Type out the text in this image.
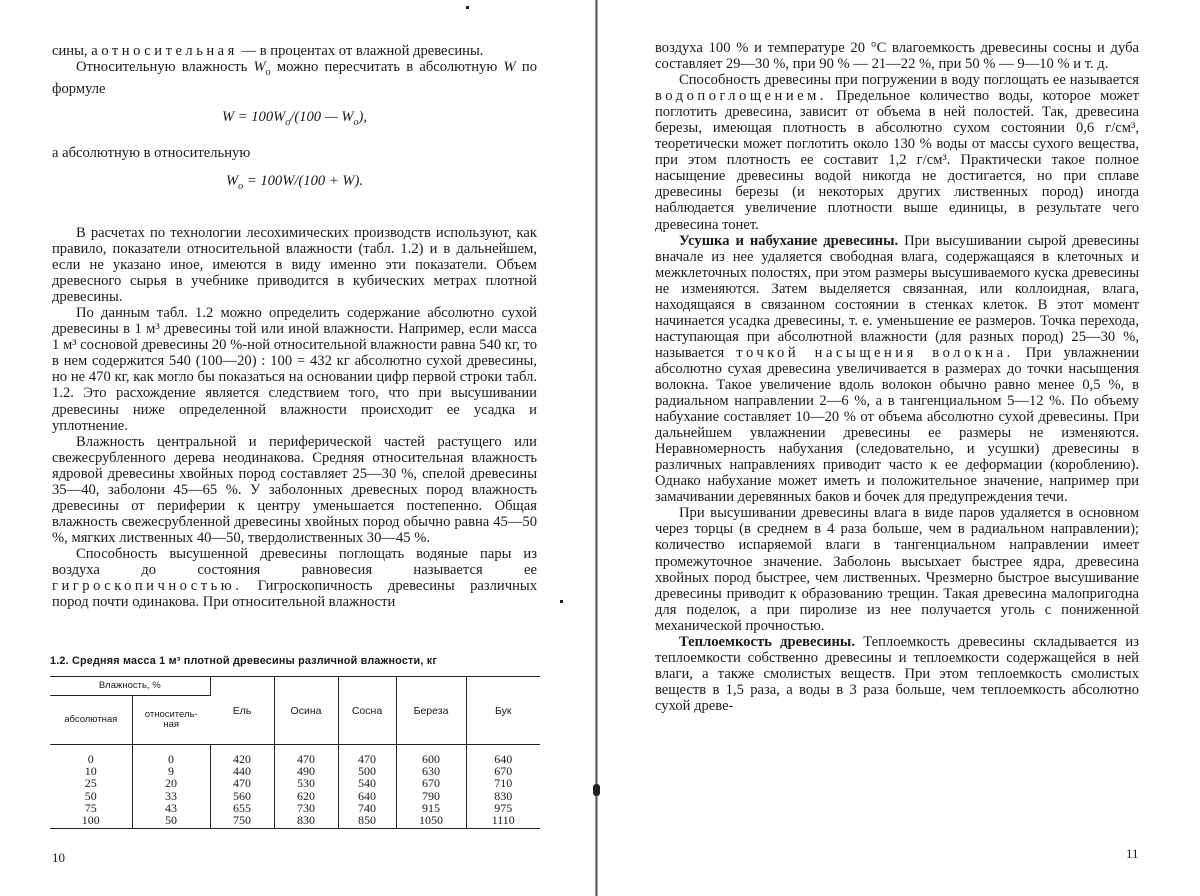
сины, а относительная — в процентах от влажной древесины.

Относительную влажность $W_о$ можно пересчитать в абсолютную W по формуле

$W = 100W_о/(100$ — $W_о$),

а абсолютную в относительную

$W_о = 100W/(100 + W)$.

В расчетах по технологии лесохимических производств используют, как правило, показатели относительной влажности (табл. 1.2) и в дальнейшем, если не указано иное, имеются в виду именно эти показатели. Объем древесного сырья в учебнике приводится в кубических метрах плотной древесины.

По данным табл. 1.2 можно определить содержание абсолютно сухой древесины в 1 м³ древесины той или иной влажности. Например, если масса 1 м³ сосновой древесины 20 %-ной относительной влажности равна 540 кг, то в нем содержится 540 (100—20) : 100 = 432 кг абсолютно сухой древесины, но не 470 кг, как могло бы показаться на основании цифр первой строки табл. 1.2. Это расхождение является следствием того, что при высушивании древесины ниже определенной влажности происходит ее усадка и уплотнение.

Влажность центральной и периферической частей растущего или свежесрубленного дерева неодинакова. Средняя относительная влажность ядровой древесины хвойных пород составляет 25—30 %, спелой древесины 35—40, заболони 45—65 %. У заболонных древесных пород влажность древесины от периферии к центру уменьшается постепенно. Общая влажность свежесрубленной древесины хвойных пород обычно равна 45—50 %, мягких лиственных 40—50, твердолиственных 30—45 %.

Способность высушенной древесины поглощать водяные пары из воздуха до состояния равновесия называется ее гигроскопичностью. Гигроскопичность древесины различных пород почти одинакова. При относительной влажности

1.2. Средняя масса 1 м³ плотной древесины различной влажности, кг
Влажность, %		Ель	Осина	Сосна	Береза	Бук
абсолютная	относитель-ная					
0	0	420	470	470	600	640
10	9	440	490	500	630	670
25	20	470	530	540	670	710
50	33	560	620	640	790	830
75	43	655	730	740	915	975
100	50	750	830	850	1050	1110
10

воздуха 100 % и температуре 20 °С влагоемкость древесины сосны и дуба составляет 29—30 %, при 90 % — 21—22 %, при 50 % — 9—10 % и т. д.

Способность древесины при погружении в воду поглощать ее называется водопоглощением. Предельное количество воды, которое может поглотить древесина, зависит от объема в ней полостей. Так, древесина березы, имеющая плотность в абсолютно сухом состоянии 0,6 г/см³, теоретически может поглотить около 130 % воды от массы сухого вещества, при этом плотность ее составит 1,2 г/см³. Практически такое полное насыщение древесины водой никогда не достигается, но при сплаве древесины березы (и некоторых других лиственных пород) иногда наблюдается увеличение плотности выше единицы, в результате чего древесина тонет.

Усушка и набухание древесины. При высушивании сырой древесины вначале из нее удаляется свободная влага, содержащаяся в клеточных и межклеточных полостях, при этом размеры высушиваемого куска древесины не изменяются. Затем выделяется связанная, или коллоидная, влага, находящаяся в связанном состоянии в стенках клеток. В этот момент начинается усадка древесины, т. е. уменьшение ее размеров. Точка перехода, наступающая при абсолютной влажности (для разных пород) 25—30 %, называется точкой насыщения волокна. При увлажнении абсолютно сухая древесина увеличивается в размерах до точки насыщения волокна. Такое увеличение вдоль волокон обычно равно менее 0,5 %, в радиальном направлении 2—6 %, а в тангенциальном 5—12 %. По объему набухание составляет 10—20 % от объема абсолютно сухой древесины. При дальнейшем увлажнении древесины ее размеры не изменяются. Неравномерность набухания (следовательно, и усушки) древесины в различных направлениях приводит часто к ее деформации (короблению). Однако набухание может иметь и положительное значение, например при замачивании деревянных баков и бочек для предупреждения течи.

При высушивании древесины влага в виде паров удаляется в основном через торцы (в среднем в 4 раза больше, чем в радиальном направлении); количество испаряемой влаги в тангенциальном направлении имеет промежуточное значение. Заболонь высыхает быстрее ядра, древесина хвойных пород быстрее, чем лиственных. Чрезмерно быстрое высушивание древесины приводит к образованию трещин. Такая древесина малопригодна для поделок, а при пиролизе из нее получается уголь с пониженной механической прочностью.

Теплоемкость древесины. Теплоемкость древесины складывается из теплоемкости собственно древесины и теплоемкости содержащейся в ней влаги, а также смолистых веществ. При этом теплоемкость смолистых веществ в 1,5 раза, а воды в 3 раза больше, чем теплоемкость абсолютно сухой древе-

11
